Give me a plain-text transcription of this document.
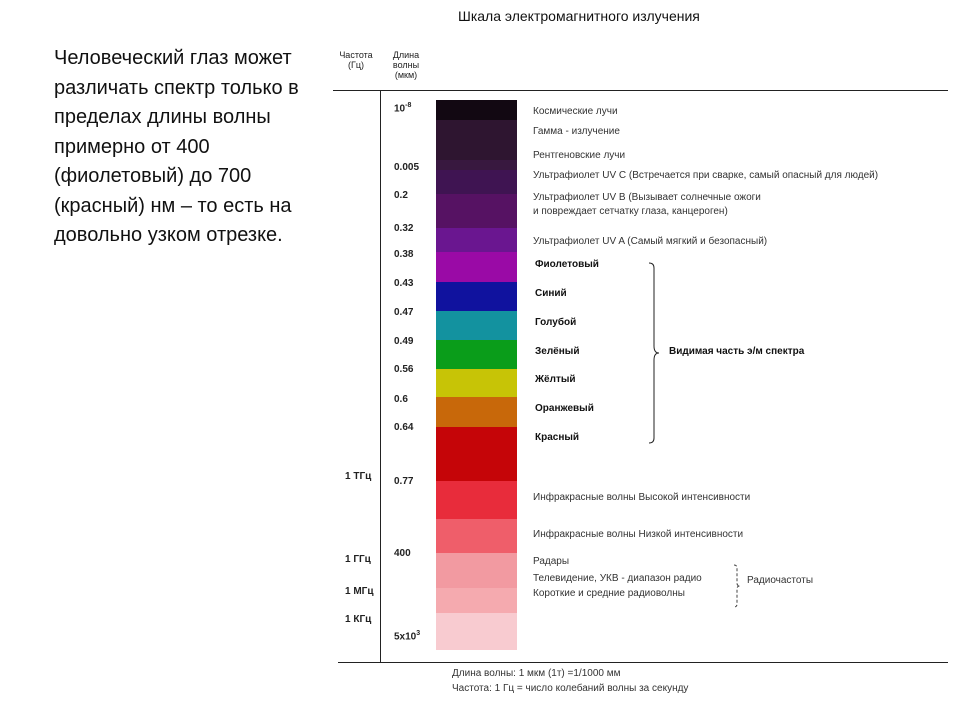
Человеческий глаз может различать спектр только в пределах длины волны примерно от 400 (фиолетовый) до 700 (красный) нм – то есть на довольно узком отрезке.
Шкала электромагнитного излучения
Частота
(Гц)
Длина
волны
(мкм)
$10^{-8}$
0.005
0.2
0.32
0.38
0.43
0.47
0.49
0.56
0.6
0.64
0.77
400
$5x10^3$
1 ТГц
1 ГГц
1 МГц
1 КГц
Космические лучи
Гамма - излучение
Рентгеновские лучи
Ультрафиолет UV C (Встречается при сварке, самый опасный для людей)
Ультрафиолет UV B (Вызывает солнечные ожоги
и повреждает сетчатку глаза, канцероген)
Ультрафиолет UV A (Самый мягкий и безопасный)
Инфракрасные волны Высокой интенсивности
Инфракрасные волны Низкой интенсивности
Радары
Телевидение, УКВ - диапазон радио
Короткие и средние радиоволны
Фиолетовый
Синий
Голубой
Зелёный
Жёлтый
Оранжевый
Красный
Видимая часть э/м спектра
Радиочастоты
Длина волны: 1 мкм (1т) =1/1000 мм
Частота: 1 Гц = число колебаний волны за секунду
